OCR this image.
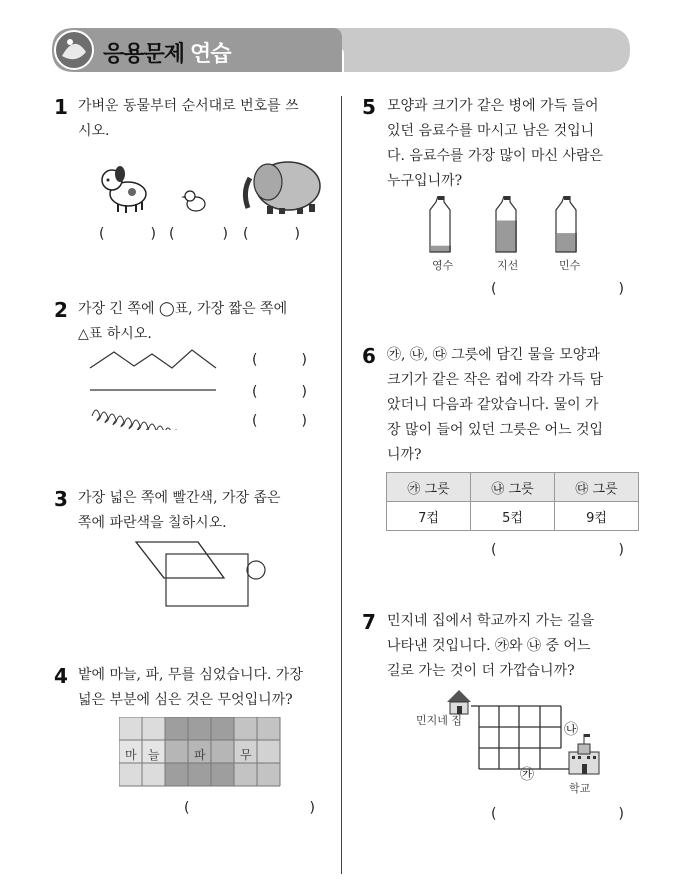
응용문제 연습
1 가벼운 동물부터 순서대로 번호를 쓰
시오.
(	) (	) (	)
2 가장 긴 쪽에 ◯표, 가장 짧은 쪽에
△표 하시오.
(	)
(	)
(	)
3 가장 넓은 쪽에 빨간색, 가장 좁은
쪽에 파란색을 칠하시오.
4 밭에 마늘, 파, 무를 심었습니다. 가장
넓은 부분에 심은 것은 무엇입니까?
마 늘	파	무
(	)
5 모양과 크기가 같은 병에 가득 들어
있던 음료수를 마시고 남은 것입니
다. 음료수를 가장 많이 마신 사람은
누구입니까?
영수	지선	민수
(	)
6 ㉮, ㉯, ㉰ 그릇에 담긴 물을 모양과
크기가 같은 작은 컵에 각각 가득 담
았더니 다음과 같았습니다. 물이 가
장 많이 들어 있던 그릇은 어느 것입
니까?
㉮ 그릇	㉯ 그릇	㉰ 그릇
7컵	5컵	9컵
(	)
7 민지네 집에서 학교까지 가는 길을
나타낸 것입니다. ㉮와 ㉯ 중 어느
길로 가는 것이 더 가깝습니까?
민지네 집
학교
㉯
㉮
(	)
